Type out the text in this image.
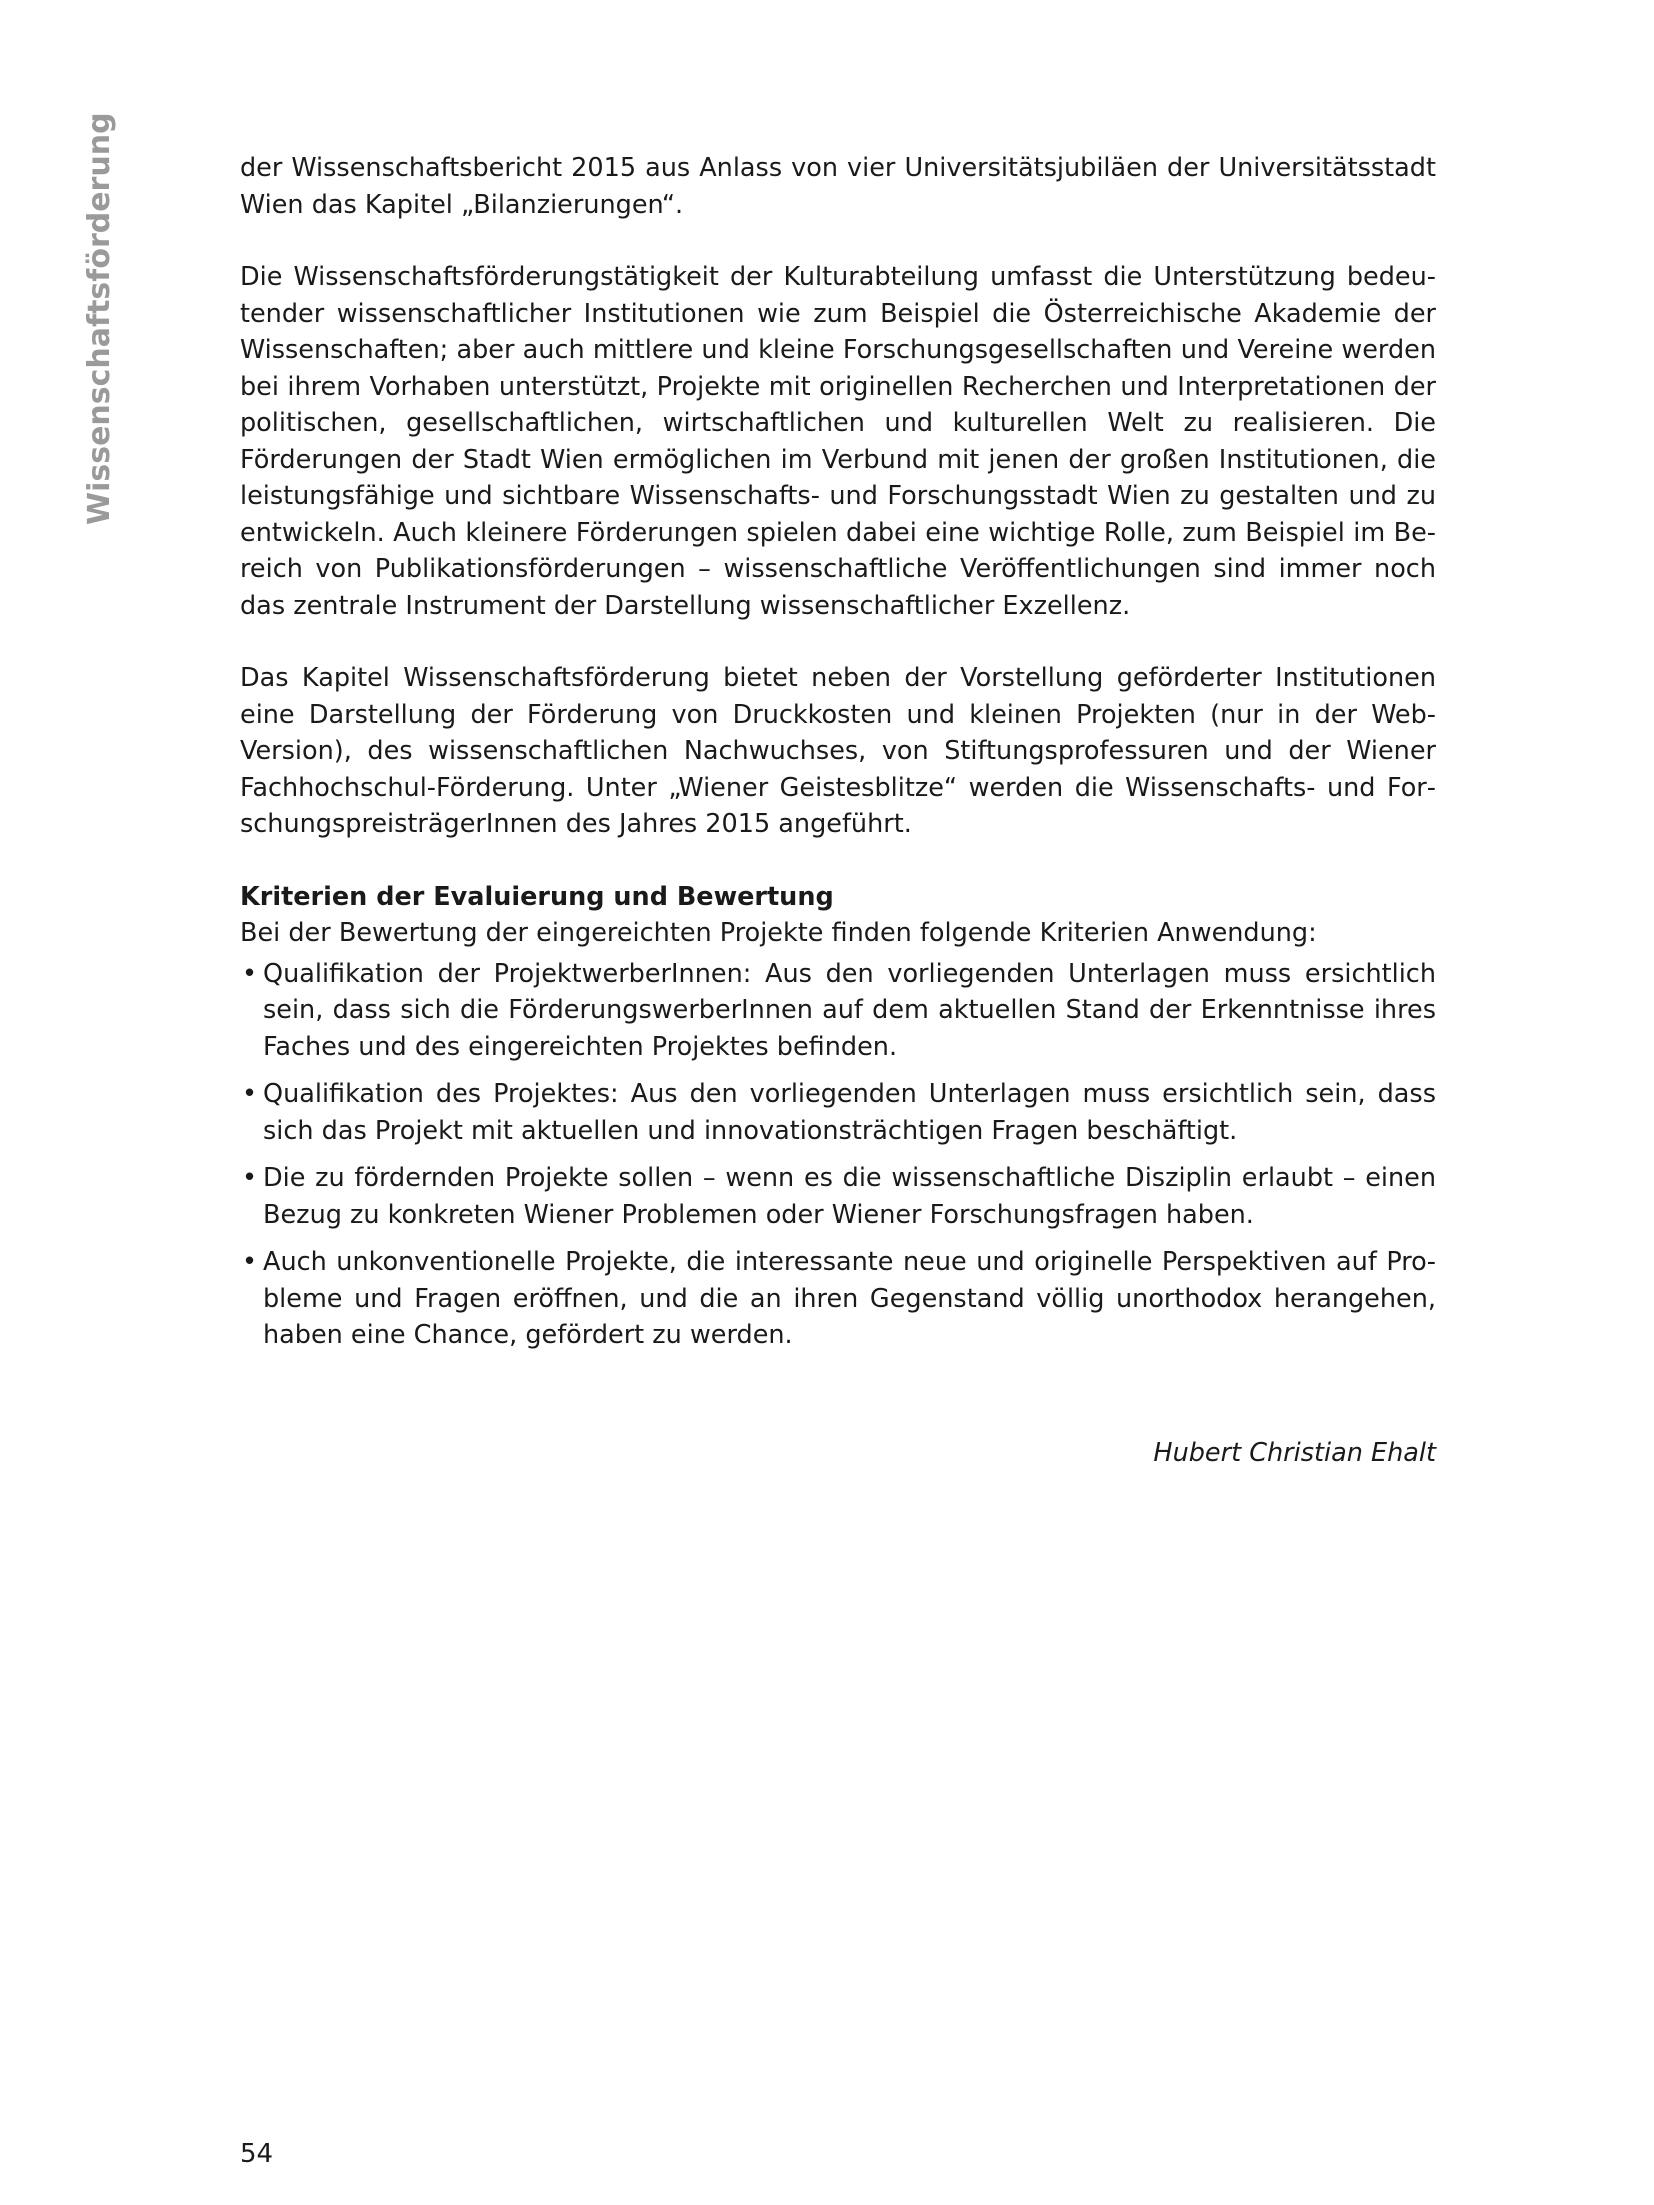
Wissenschaftsförderung	der Wissenschaftsbericht 2015 aus Anlass von vier Universitätsjubiläen der Universitätsstadt Wien das Kapitel „Bilanzierungen“.

Die Wissenschaftsförderungstätigkeit der Kulturabteilung umfasst die Unterstützung bedeutender wissenschaftlicher Institutionen wie zum Beispiel die Österreichische Akademie der Wissenschaften; aber auch mittlere und kleine Forschungsgesellschaften und Vereine werden bei ihrem Vorhaben unterstützt, Projekte mit originellen Recherchen und Interpretationen der politischen, gesellschaftlichen, wirtschaftlichen und kulturellen Welt zu realisieren. Die Förderungen der Stadt Wien ermöglichen im Verbund mit jenen der großen Institutionen, die leistungsfähige und sichtbare Wissenschafts- und Forschungsstadt Wien zu gestalten und zu entwickeln. Auch kleinere Förderungen spielen dabei eine wichtige Rolle, zum Beispiel im Bereich von Publikationsförderungen – wissenschaftliche Veröffentlichungen sind immer noch das zentrale Instrument der Darstellung wissenschaftlicher Exzellenz.

Das Kapitel Wissenschaftsförderung bietet neben der Vorstellung geförderter Institutionen eine Darstellung der Förderung von Druckkosten und kleinen Projekten (nur in der Web-Version), des wissenschaftlichen Nachwuchses, von Stiftungsprofessuren und der Wiener Fachhochschul-Förderung. Unter „Wiener Geistesblitze“ werden die Wissenschafts- und ForschungspreisträgerInnen des Jahres 2015 angeführt.

Kriterien der Evaluierung und Bewertung

Bei der Bewertung der eingereichten Projekte finden folgende Kriterien Anwendung:

• Qualifikation der ProjektwerberInnen: Aus den vorliegenden Unterlagen muss ersichtlich sein, dass sich die FörderungswerberInnen auf dem aktuellen Stand der Erkenntnisse ihres Faches und des eingereichten Projektes befinden.
• Qualifikation des Projektes: Aus den vorliegenden Unterlagen muss ersichtlich sein, dass sich das Projekt mit aktuellen und innovationsträchtigen Fragen beschäftigt.
• Die zu fördernden Projekte sollen – wenn es die wissenschaftliche Disziplin erlaubt – einen Bezug zu konkreten Wiener Problemen oder Wiener Forschungsfragen haben.
• Auch unkonventionelle Projekte, die interessante neue und originelle Perspektiven auf Probleme und Fragen eröffnen, und die an ihren Gegenstand völlig unorthodox herangehen, haben eine Chance, gefördert zu werden.
Hubert Christian Ehalt
54
